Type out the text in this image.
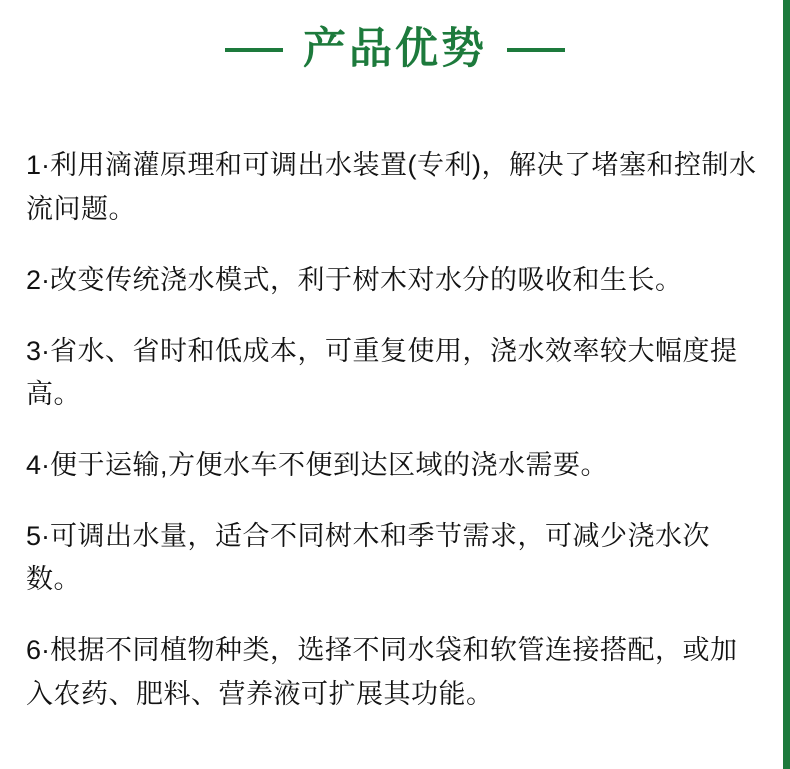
产品优势

1·利用滴灌原理和可调出水装置(专利)，解决了堵塞和控制水流问题。

2·改变传统浇水模式，利于树木对水分的吸收和生长。

3·省水、省时和低成本，可重复使用，浇水效率较大幅度提高。

4·便于运输,方便水车不便到达区域的浇水需要。

5·可调出水量，适合不同树木和季节需求，可减少浇水次数。

6·根据不同植物种类，选择不同水袋和软管连接搭配，或加入农药、肥料、营养液可扩展其功能。
